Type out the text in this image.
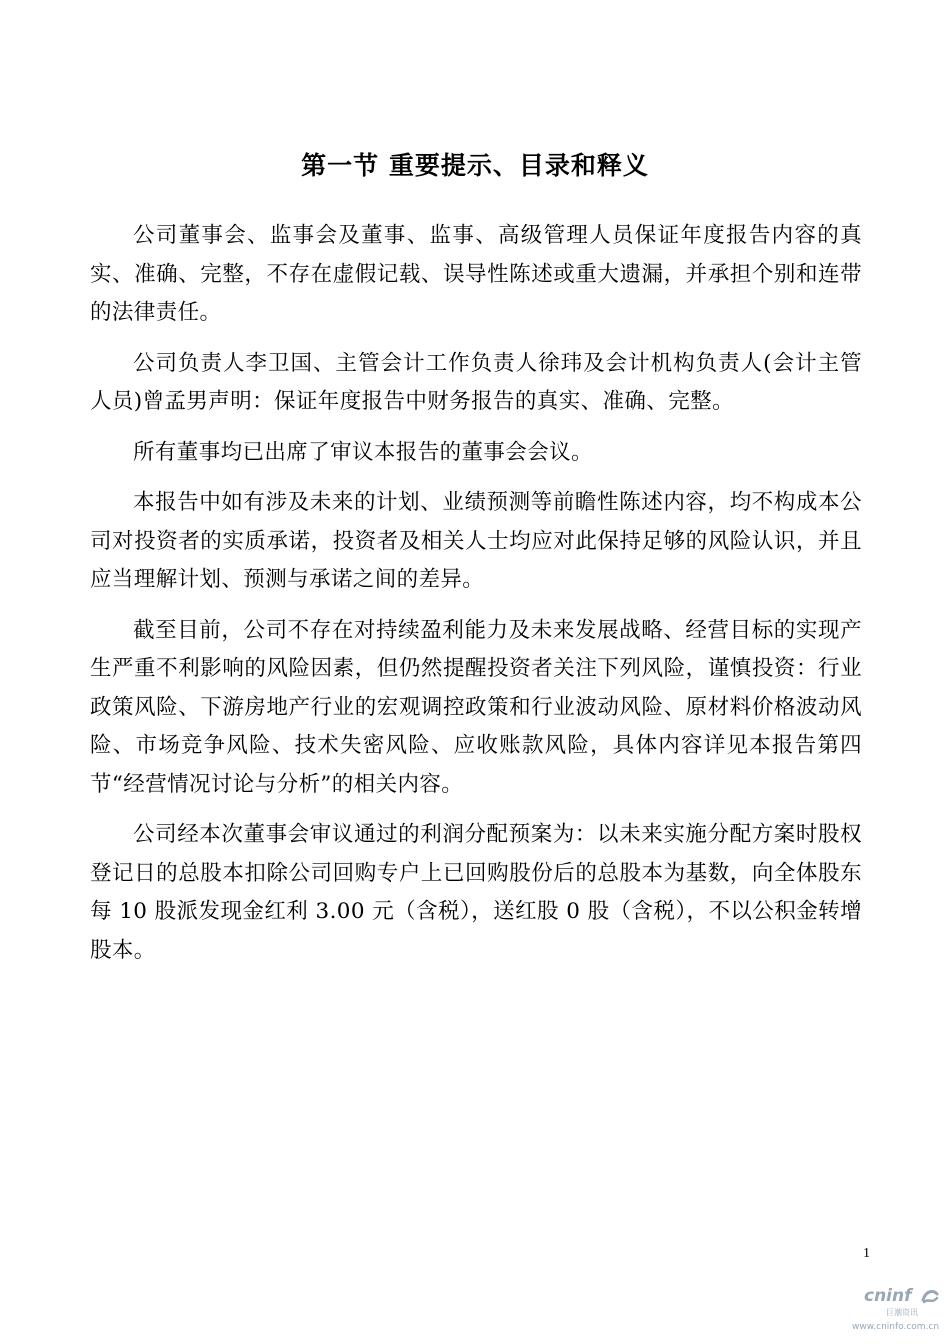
第一节 重要提示、目录和释义

公司董事会、监事会及董事、监事、高级管理人员保证年度报告内容的真实、准确、完整，不存在虚假记载、误导性陈述或重大遗漏，并承担个别和连带的法律责任。

公司负责人李卫国、主管会计工作负责人徐玮及会计机构负责人(会计主管人员)曾孟男声明：保证年度报告中财务报告的真实、准确、完整。

所有董事均已出席了审议本报告的董事会会议。

本报告中如有涉及未来的计划、业绩预测等前瞻性陈述内容，均不构成本公司对投资者的实质承诺，投资者及相关人士均应对此保持足够的风险认识，并且应当理解计划、预测与承诺之间的差异。

截至目前，公司不存在对持续盈利能力及未来发展战略、经营目标的实现产生严重不利影响的风险因素，但仍然提醒投资者关注下列风险，谨慎投资：行业政策风险、下游房地产行业的宏观调控政策和行业波动风险、原材料价格波动风险、市场竞争风险、技术失密风险、应收账款风险，具体内容详见本报告第四节“经营情况讨论与分析”的相关内容。

公司经本次董事会审议通过的利润分配预案为：以未来实施分配方案时股权登记日的总股本扣除公司回购专户上已回购股份后的总股本为基数，向全体股东每 10 股派发现金红利 3.00 元（含税），送红股 0 股（含税），不以公积金转增股本。

1
cninf
巨潮资讯
www.cninfo.com.cn
